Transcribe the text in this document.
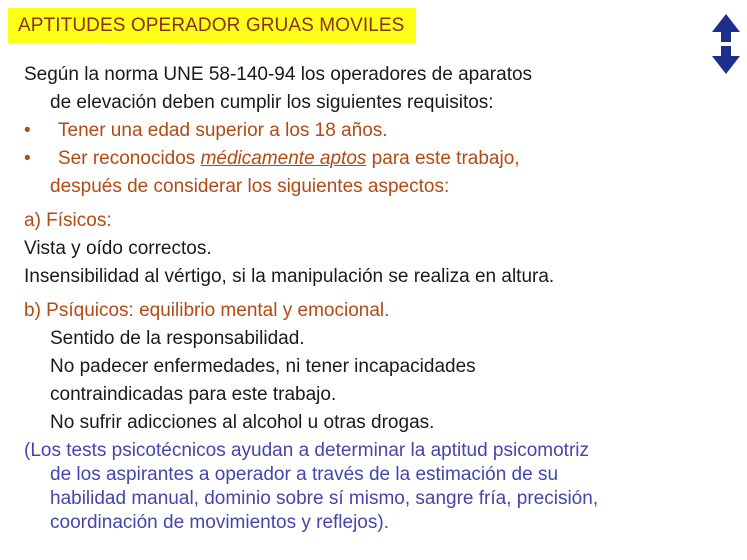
APTITUDES OPERADOR GRUAS MOVILES
Según la norma UNE 58-140-94 los operadores de aparatos
de elevación deben cumplir los siguientes requisitos:
• Tener una edad superior a los 18 años.
• Ser reconocidos médicamente aptos para este trabajo,
después de considerar los siguientes aspectos:
a) Físicos:
Vista y oído correctos.
Insensibilidad al vértigo, si la manipulación se realiza en altura.
b) Psíquicos: equilibrio mental y emocional.
Sentido de la responsabilidad.
No padecer enfermedades, ni tener incapacidades
contraindicadas para este trabajo.
No sufrir adicciones al alcohol u otras drogas.
(Los tests psicotécnicos ayudan a determinar la aptitud psicomotriz
de los aspirantes a operador a través de la estimación de su
habilidad manual, dominio sobre sí mismo, sangre fría, precisión,
coordinación de movimientos y reflejos).
